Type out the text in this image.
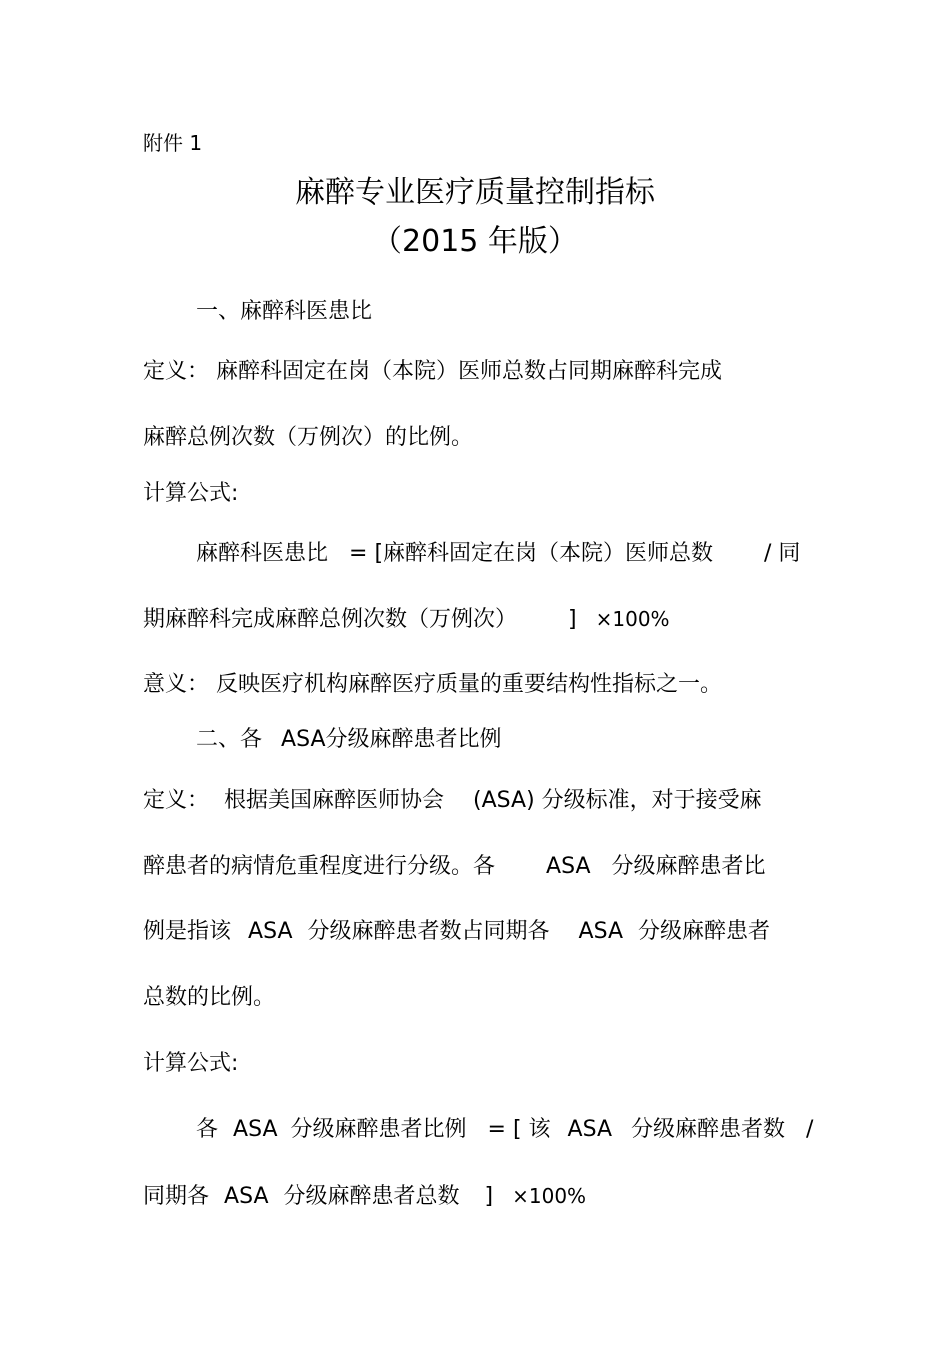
附件 1

麻醉专业医疗质量控制指标
（2015 年版）

一、麻醉科医患比

定义： 麻醉科固定在岗（本院）医师总数占同期麻醉科完成

麻醉总例次数（万例次）的比例。

计算公式:

麻醉科医患比 = [麻醉科固定在岗（本院）医师总数 / 同

期麻醉科完成麻醉总例次数（万例次） ] ×100%

意义： 反映医疗机构麻醉医疗质量的重要结构性指标之一。

二、各 ASA分级麻醉患者比例

定义： 根据美国麻醉医师协会 (ASA) 分级标准，对于接受麻

醉患者的病情危重程度进行分级。各 ASA 分级麻醉患者比

例是指该 ASA 分级麻醉患者数占同期各 ASA 分级麻醉患者

总数的比例。

计算公式:

各 ASA 分级麻醉患者比例 = [ 该 ASA 分级麻醉患者数 /

同期各 ASA 分级麻醉患者总数 ] ×100%
